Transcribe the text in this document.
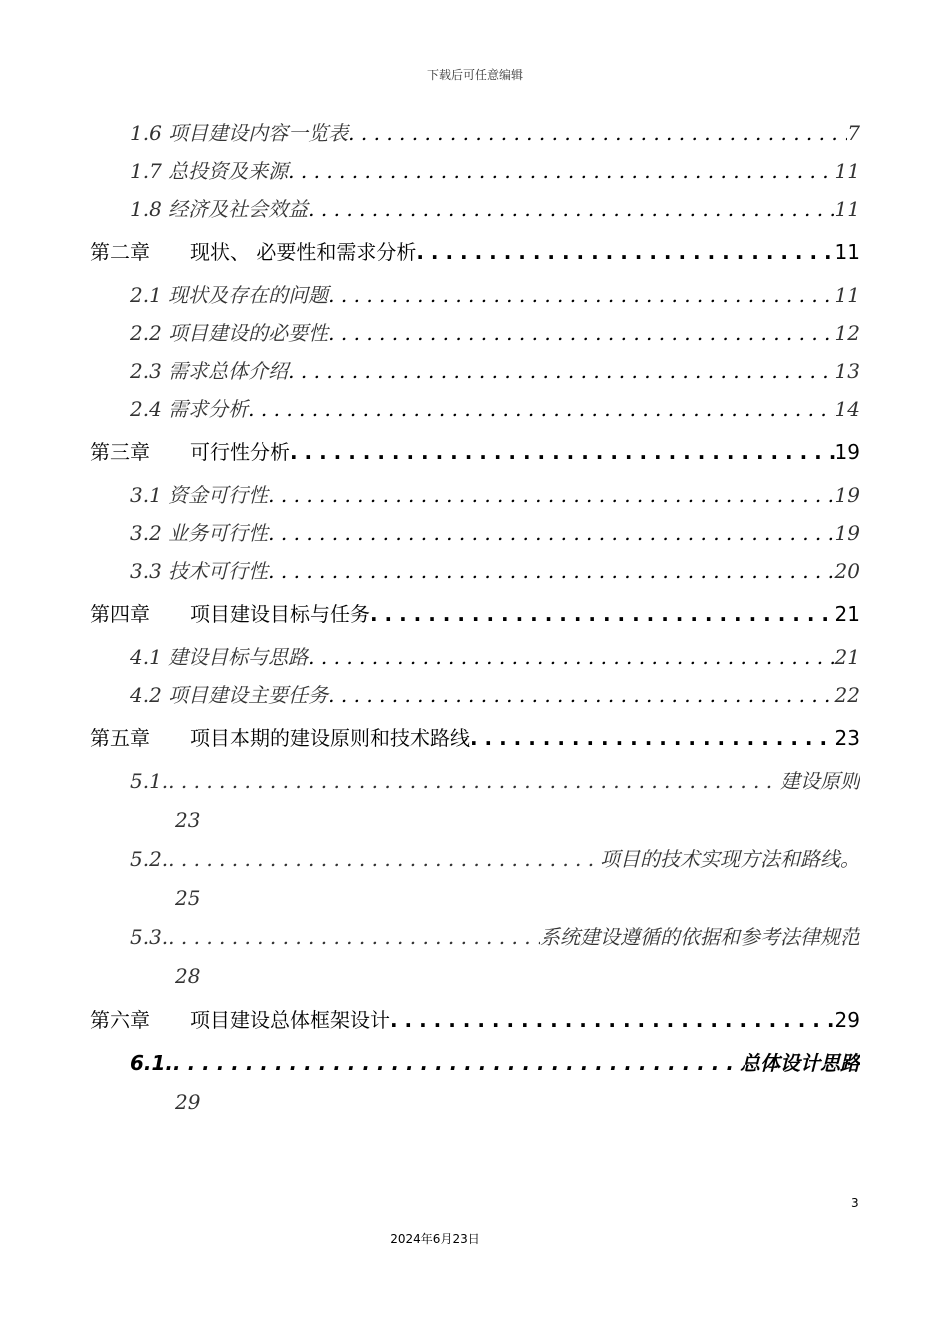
下载后可任意编辑
1.6 项目建设内容一览表 . . .	7
1.7 总投资及来源 . . .	11
1.8 经济及社会效益 . . .	11
第二章 现状、 必要性和需求分析 . . .	11
2.1 现状及存在的问题 . . .	11
2.2 项目建设的必要性 . . .	12
2.3 需求总体介绍 . . .	13
2.4 需求分析 . . .	14
第三章 可行性分析 . . .	19
3.1 资金可行性 . . .	19
3.2 业务可行性 . . .	19
3.3 技术可行性 . . .	20
第四章 项目建设目标与任务 . . .	21
4.1 建设目标与思路 . . .	21
4.2 项目建设主要任务 . . .	22
第五章 项目本期的建设原则和技术路线 . . .	23
5.1. . . .	建设原则
23
5.2. . . .	项目的技术实现方法和路线。
25
5.3. . . .	系统建设遵循的依据和参考法律规范
28
第六章 项目建设总体框架设计 . . .	29
6.1. . . .	总体设计思路
29
3
2024年6月23日
